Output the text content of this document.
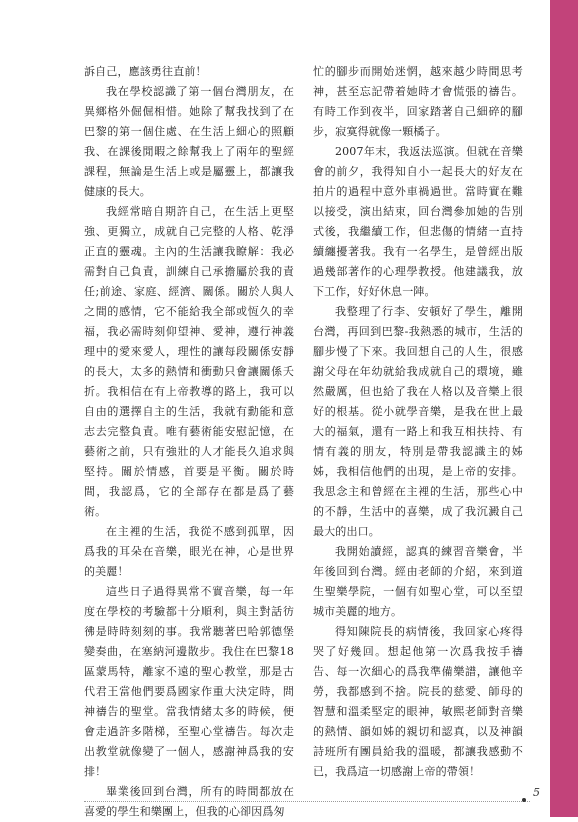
訴自己，應該勇往直前！

我在學校認識了第一個台灣朋友，在異鄉格外倔倔相惜。她除了幫我找到了在巴黎的第一個住處、在生活上細心的照顧我、在課後閒暇之餘幫我上了兩年的聖經課程，無論是生活上或是屬靈上，都讓我健康的長大。

我經常暗自期許自己，在生活上更堅強、更獨立，成就自己完整的人格、乾淨正直的靈魂。主內的生活讓我瞭解：我必需對自己負責，訓練自己承擔屬於我的責任;前途、家庭、經濟、關係。關於人與人之間的感情，它不能給我全部或恆久的幸福，我必需時刻仰望神、愛神，遵行神義理中的愛來愛人，理性的讓每段關係安靜的長大，太多的熱情和衝動只會讓關係夭折。我相信在有上帝教導的路上，我可以自由的選擇自主的生活，我就有勳能和意志去完整負責。唯有藝術能安慰記憶，在藝術之前，只有強壯的人才能長久追求與堅持。關於情感，首要是平衡。關於時間，我認爲，它的全部存在都是爲了藝術。

在主裡的生活，我從不感到孤單，因爲我的耳朵在音樂，眼光在神，心是世界的美麗！

這些日子過得異常不實音樂，每一年度在學校的考驗都十分順利，與主對話彷彿是時時刻刻的事。我常聽著巴哈郭德堡變奏曲，在塞納河邊散步。我住在巴黎18區蒙馬特，離家不遠的聖心教堂，那是古代君王當他們要爲國家作重大決定時，問神禱告的聖堂。當我情緒太多的時候，便會走過許多階梯，至聖心堂禱告。每次走出教堂就像變了一個人，感謝神爲我的安排！

畢業後回到台灣，所有的時間都放在喜愛的學生和樂團上，但我的心卻因爲匆

忙的腳步而開始迷惘，越來越少時間思考神，甚至忘記帶着她時才會慌張的禱告。有時工作到夜半，回家踏著自己細碎的腳步，寂寞得就像一顆橘子。

2007年末，我返法巡演。但就在音樂會的前夕，我得知自小一起長大的好友在拍片的過程中意外車禍過世。當時實在難以接受，演出結束，回台灣參加她的告別式後，我繼續工作，但悲傷的情緒一直持續纏擾著我。我有一名學生，是曾經出版過幾部著作的心理學教授。他建議我，放下工作，好好休息一陣。

我整理了行李、安頓好了學生，離開台灣，再回到巴黎-我熱悉的城市，生活的腳步慢了下來。我回想自己的人生，很感謝父母在年幼就給我成就自己的環境，雖然嚴厲，但也給了我在人格以及音樂上很好的根基。從小就學音樂，是我在世上最大的福氣，還有一路上和我互相扶持、有情有義的朋友，特別是帶我認識主的姊姊，我相信他們的出現，是上帝的安排。我思念主和曾經在主裡的生活，那些心中的不靜，生活中的喜樂，成了我沉澱自己最大的出口。

我開始讀經，認真的練習音樂會，半年後回到台灣。經由老師的介紹，來到道生聖樂學院，一個有如聖心堂，可以至望城市美麗的地方。

得知陳院長的病情後，我回家心疼得哭了好幾回。想起他第一次爲我按手禱告、每一次細心的爲我準備樂譜，讓他辛勞，我都感到不捨。院長的慈愛、師母的智慧和溫柔堅定的眼神，敏熙老師對音樂的熱情、韻如姊的親切和認真，以及神韻詩班所有團員給我的溫暖，都讓我感動不已，我爲這一切感謝上帝的帶領！

5
